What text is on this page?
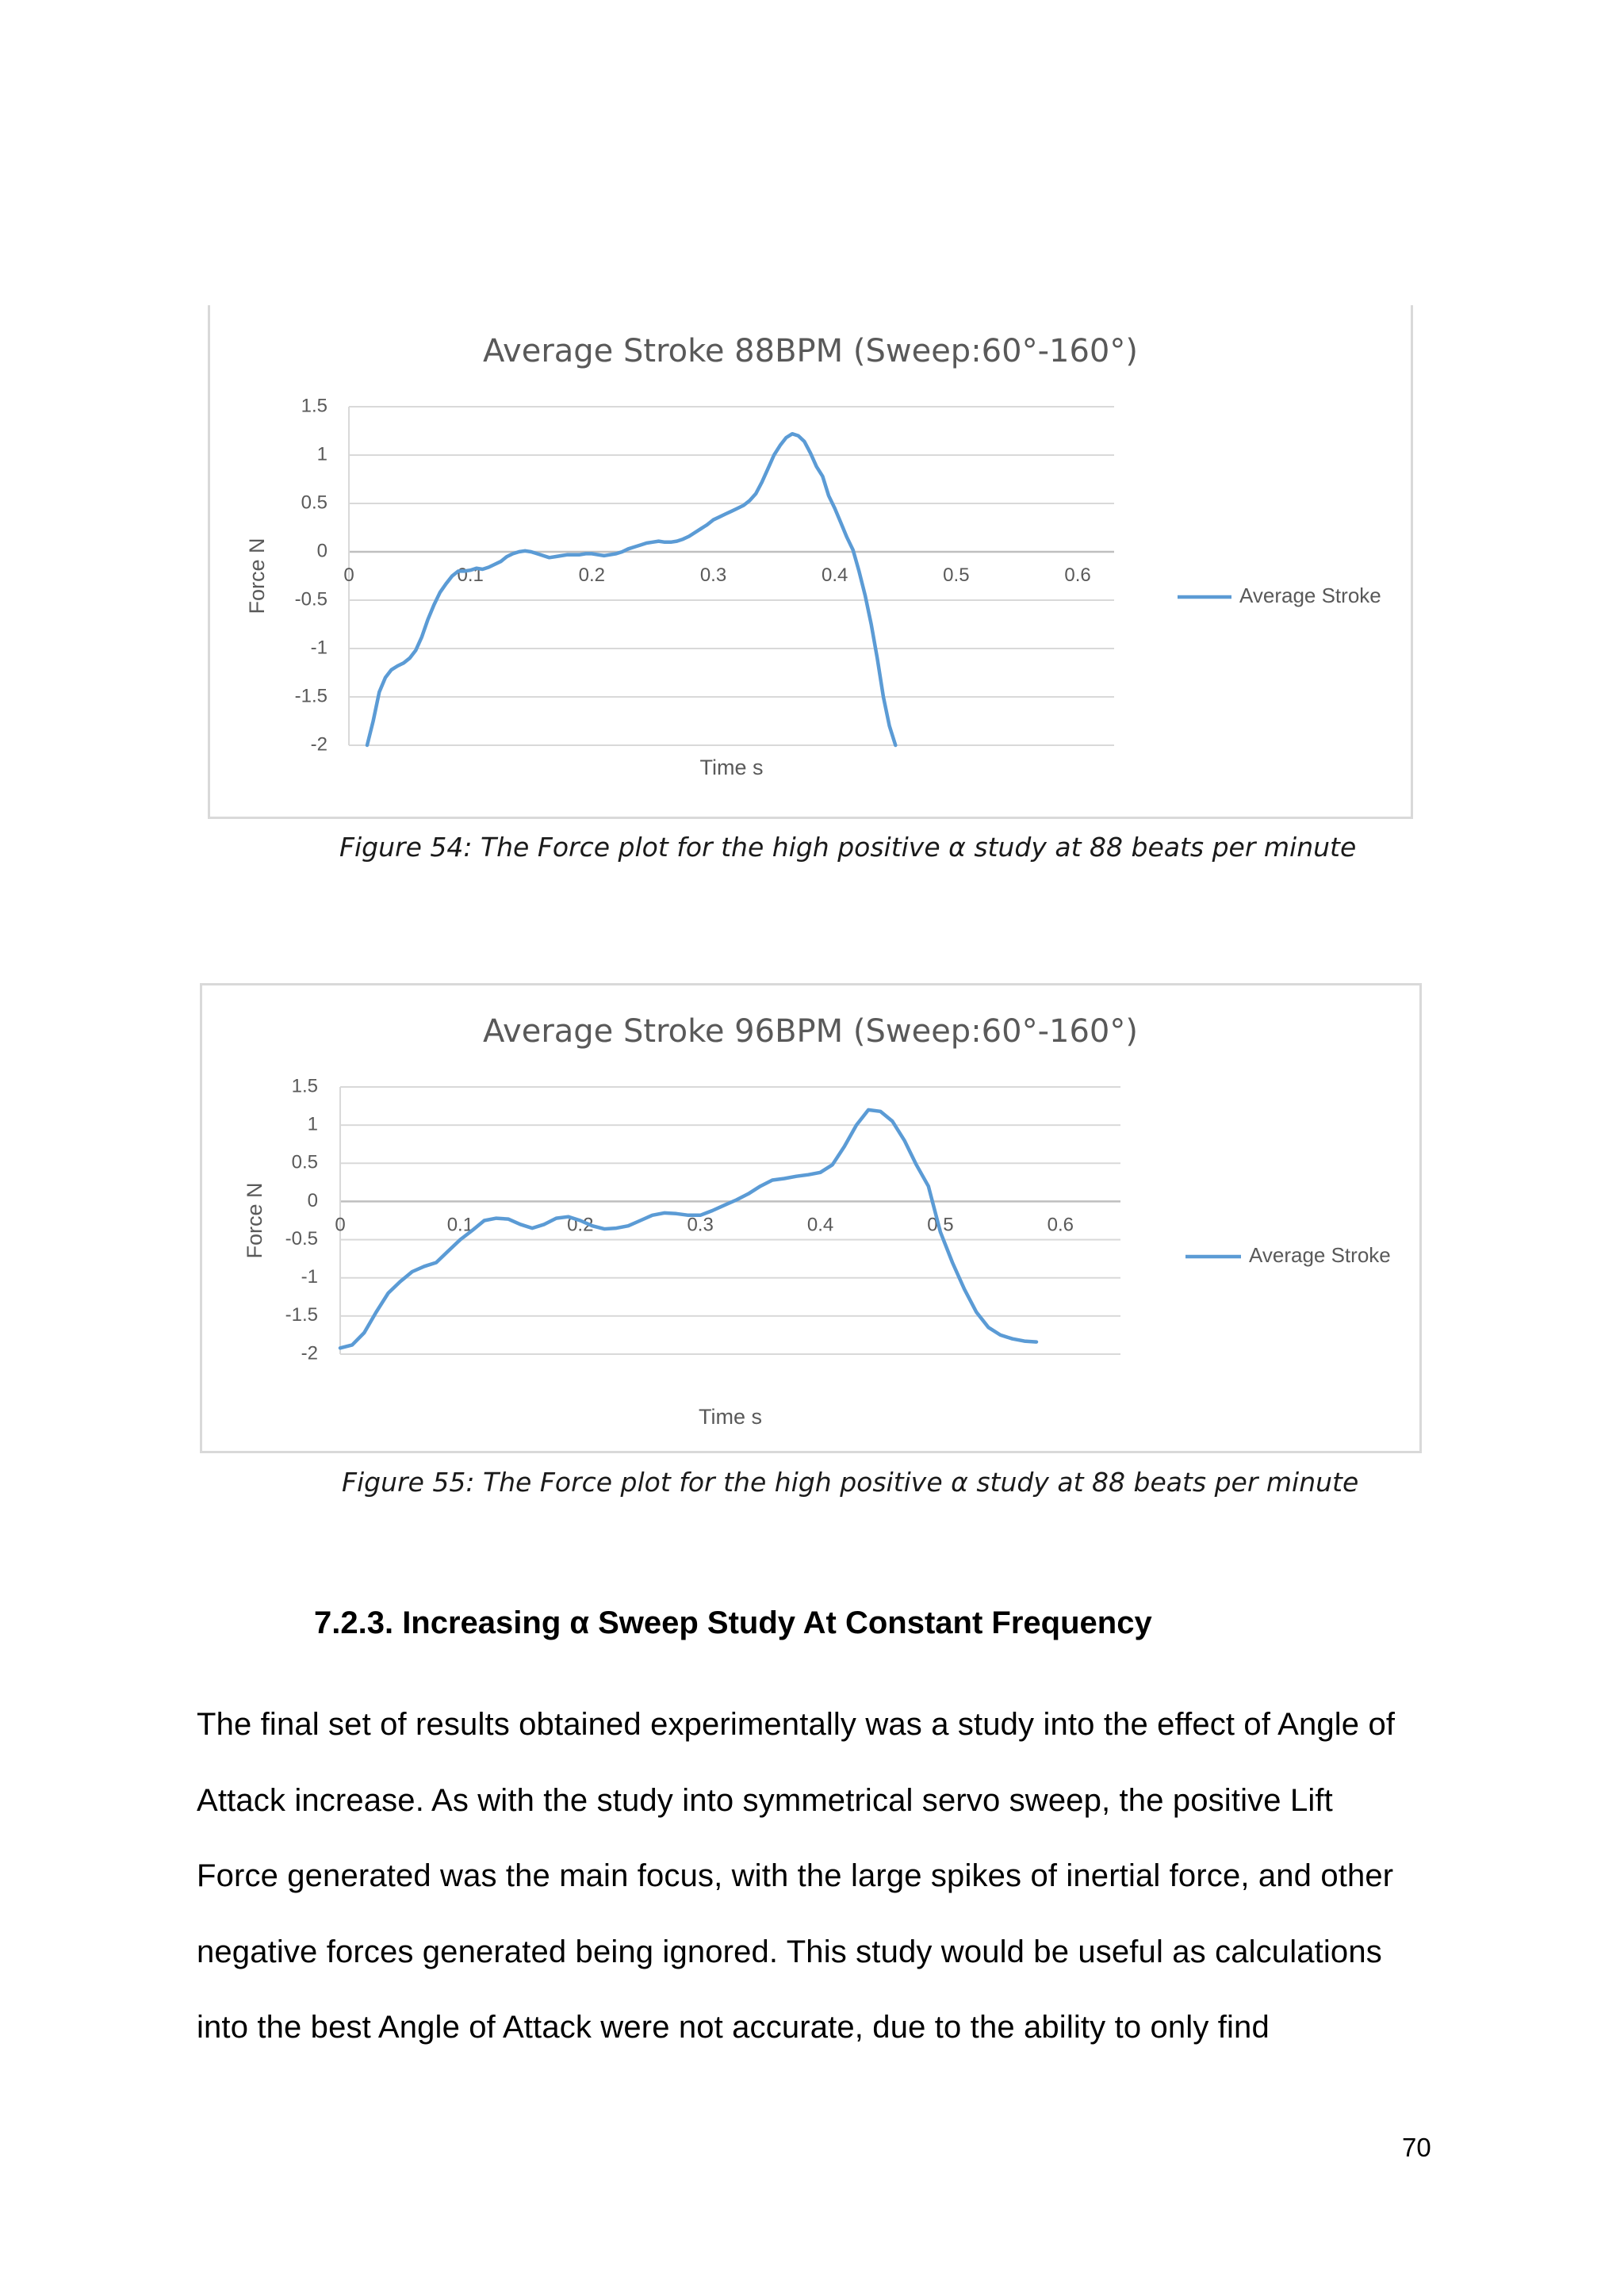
Average Stroke 88BPM (Sweep:60°-160°)
1.5
1
0.5
0
-0.5
-1
-1.5
-2
0	0.1	0.2	0.3	0.4	0.5	0.6
Time s
Force N	Average Stroke
Figure 54: The Force plot for the high positive α study at 88 beats per minute
Average Stroke 96BPM (Sweep:60°-160°)
1.5
1
0.5
0
-0.5
-1
-1.5
-2
0	0.1	0.2	0.3	0.4	0.5	0.6
Time s
Force N	Average Stroke
Figure 55: The Force plot for the high positive α study at 88 beats per minute
7.2.3. Increasing α Sweep Study At Constant Frequency
The final set of results obtained experimentally was a study into the effect of Angle of
Attack increase. As with the study into symmetrical servo sweep, the positive Lift
Force generated was the main focus, with the large spikes of inertial force, and other
negative forces generated being ignored. This study would be useful as calculations
into the best Angle of Attack were not accurate, due to the ability to only find
70
